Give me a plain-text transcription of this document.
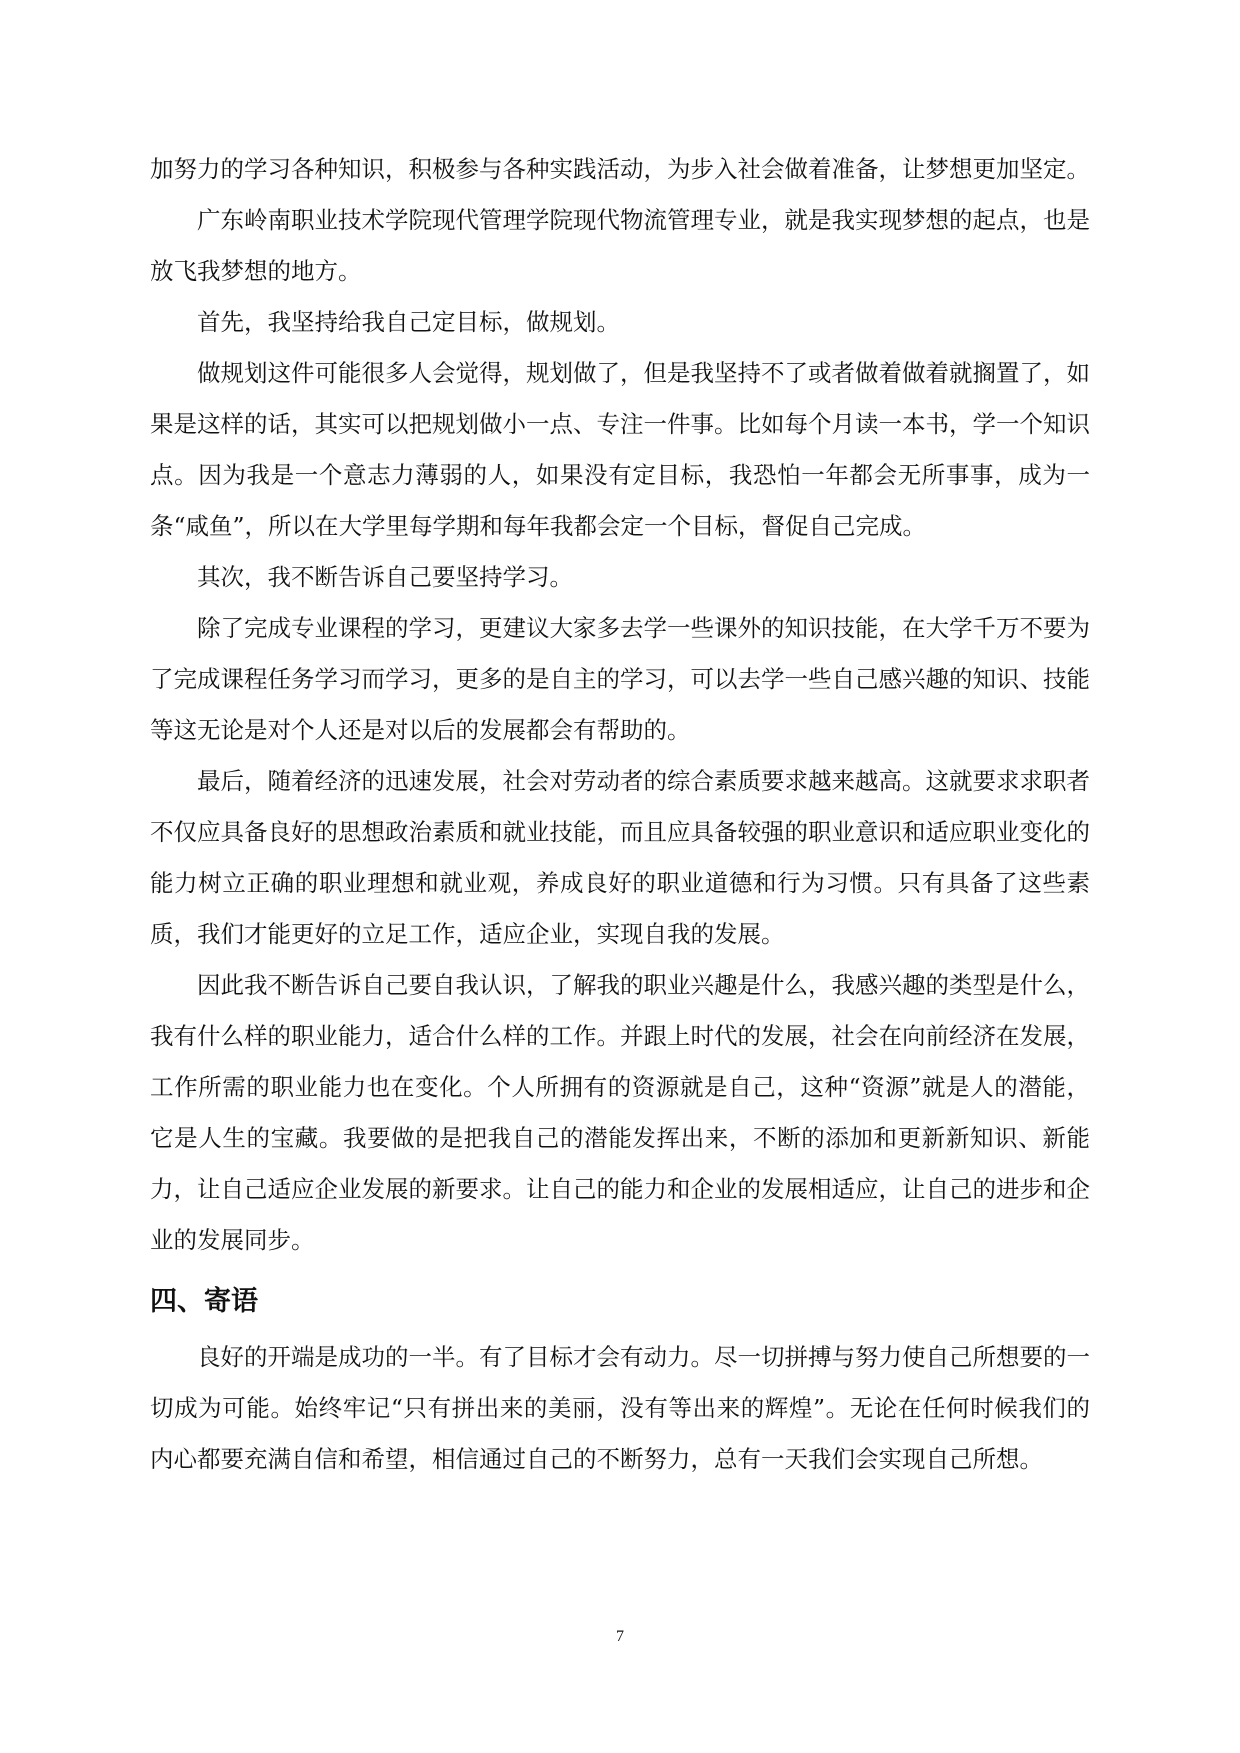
加努力的学习各种知识，积极参与各种实践活动，为步入社会做着准备，让梦想更加坚定。

广东岭南职业技术学院现代管理学院现代物流管理专业，就是我实现梦想的起点，也是放飞我梦想的地方。

首先，我坚持给我自己定目标，做规划。

做规划这件可能很多人会觉得，规划做了，但是我坚持不了或者做着做着就搁置了，如果是这样的话，其实可以把规划做小一点、专注一件事。比如每个月读一本书，学一个知识点。因为我是一个意志力薄弱的人，如果没有定目标，我恐怕一年都会无所事事，成为一条“咸鱼”，所以在大学里每学期和每年我都会定一个目标，督促自己完成。

其次，我不断告诉自己要坚持学习。

除了完成专业课程的学习，更建议大家多去学一些课外的知识技能，在大学千万不要为了完成课程任务学习而学习，更多的是自主的学习，可以去学一些自己感兴趣的知识、技能等这无论是对个人还是对以后的发展都会有帮助的。

最后，随着经济的迅速发展，社会对劳动者的综合素质要求越来越高。这就要求求职者不仅应具备良好的思想政治素质和就业技能，而且应具备较强的职业意识和适应职业变化的能力树立正确的职业理想和就业观，养成良好的职业道德和行为习惯。只有具备了这些素质，我们才能更好的立足工作，适应企业，实现自我的发展。

因此我不断告诉自己要自我认识，了解我的职业兴趣是什么，我感兴趣的类型是什么，我有什么样的职业能力，适合什么样的工作。并跟上时代的发展，社会在向前经济在发展，工作所需的职业能力也在变化。个人所拥有的资源就是自己，这种“资源”就是人的潜能，它是人生的宝藏。我要做的是把我自己的潜能发挥出来，不断的添加和更新新知识、新能力，让自己适应企业发展的新要求。让自己的能力和企业的发展相适应，让自己的进步和企业的发展同步。

四、寄语

良好的开端是成功的一半。有了目标才会有动力。尽一切拼搏与努力使自己所想要的一切成为可能。始终牢记“只有拼出来的美丽，没有等出来的辉煌”。无论在任何时候我们的内心都要充满自信和希望，相信通过自己的不断努力，总有一天我们会实现自己所想。

7
